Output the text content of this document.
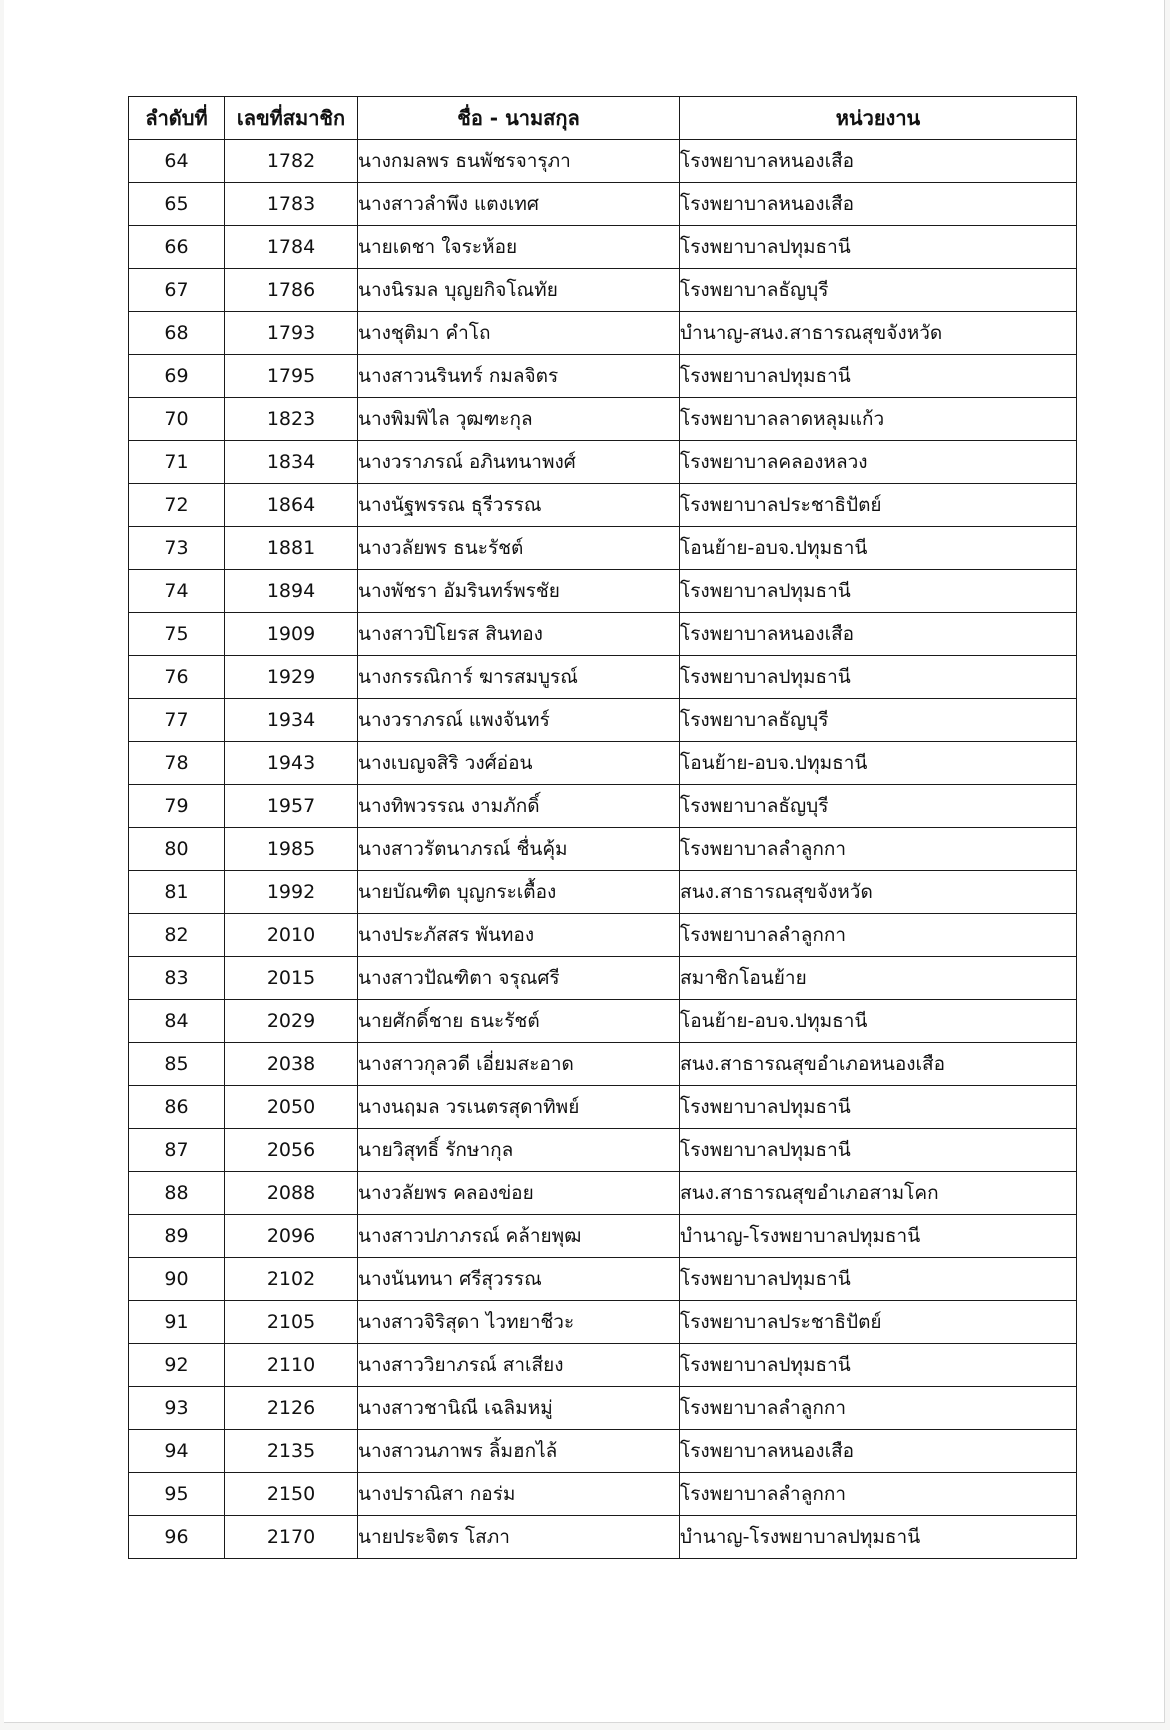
ลำดับที่	เลขที่สมาชิก	ชื่อ - นามสกุล	หน่วยงาน
64	1782	นางกมลพร ธนพัชรจารุภา	โรงพยาบาลหนองเสือ
65	1783	นางสาวลำพึง แตงเทศ	โรงพยาบาลหนองเสือ
66	1784	นายเดชา ใจระห้อย	โรงพยาบาลปทุมธานี
67	1786	นางนิรมล บุญยกิจโณทัย	โรงพยาบาลธัญบุรี
68	1793	นางชุติมา คำโถ	บำนาญ-สนง.สาธารณสุขจังหวัด
69	1795	นางสาวนรินทร์ กมลจิตร	โรงพยาบาลปทุมธานี
70	1823	นางพิมพิไล วุฒฑะกุล	โรงพยาบาลลาดหลุมแก้ว
71	1834	นางวราภรณ์ อภินทนาพงศ์	โรงพยาบาลคลองหลวง
72	1864	นางนัฐพรรณ ธุรีวรรณ	โรงพยาบาลประชาธิปัตย์
73	1881	นางวลัยพร ธนะรัชต์	โอนย้าย-อบจ.ปทุมธานี
74	1894	นางพัชรา อัมรินทร์พรชัย	โรงพยาบาลปทุมธานี
75	1909	นางสาวปิโยรส สินทอง	โรงพยาบาลหนองเสือ
76	1929	นางกรรณิการ์ ฆารสมบูรณ์	โรงพยาบาลปทุมธานี
77	1934	นางวราภรณ์ แพงจันทร์	โรงพยาบาลธัญบุรี
78	1943	นางเบญจสิริ วงศ์อ่อน	โอนย้าย-อบจ.ปทุมธานี
79	1957	นางทิพวรรณ งามภักดิ์	โรงพยาบาลธัญบุรี
80	1985	นางสาวรัตนาภรณ์ ชื่นคุ้ม	โรงพยาบาลลำลูกกา
81	1992	นายบัณฑิต บุญกระเตื้อง	สนง.สาธารณสุขจังหวัด
82	2010	นางประภัสสร พันทอง	โรงพยาบาลลำลูกกา
83	2015	นางสาวปัณฑิตา จรุณศรี	สมาชิกโอนย้าย
84	2029	นายศักดิ์ชาย ธนะรัชต์	โอนย้าย-อบจ.ปทุมธานี
85	2038	นางสาวกุลวดี เอี่ยมสะอาด	สนง.สาธารณสุขอำเภอหนองเสือ
86	2050	นางนฤมล วรเนตรสุดาทิพย์	โรงพยาบาลปทุมธานี
87	2056	นายวิสุทธิ์ รักษากุล	โรงพยาบาลปทุมธานี
88	2088	นางวลัยพร คลองข่อย	สนง.สาธารณสุขอำเภอสามโคก
89	2096	นางสาวปภาภรณ์ คล้ายพุฒ	บำนาญ-โรงพยาบาลปทุมธานี
90	2102	นางนันทนา ศรีสุวรรณ	โรงพยาบาลปทุมธานี
91	2105	นางสาวจิริสุดา ไวทยาชีวะ	โรงพยาบาลประชาธิปัตย์
92	2110	นางสาววิยาภรณ์ สาเสียง	โรงพยาบาลปทุมธานี
93	2126	นางสาวชานิณี เฉลิมหมู่	โรงพยาบาลลำลูกกา
94	2135	นางสาวนภาพร ลิ้มฮกไล้	โรงพยาบาลหนองเสือ
95	2150	นางปราณิสา กอร่ม	โรงพยาบาลลำลูกกา
96	2170	นายประจิตร โสภา	บำนาญ-โรงพยาบาลปทุมธานี
